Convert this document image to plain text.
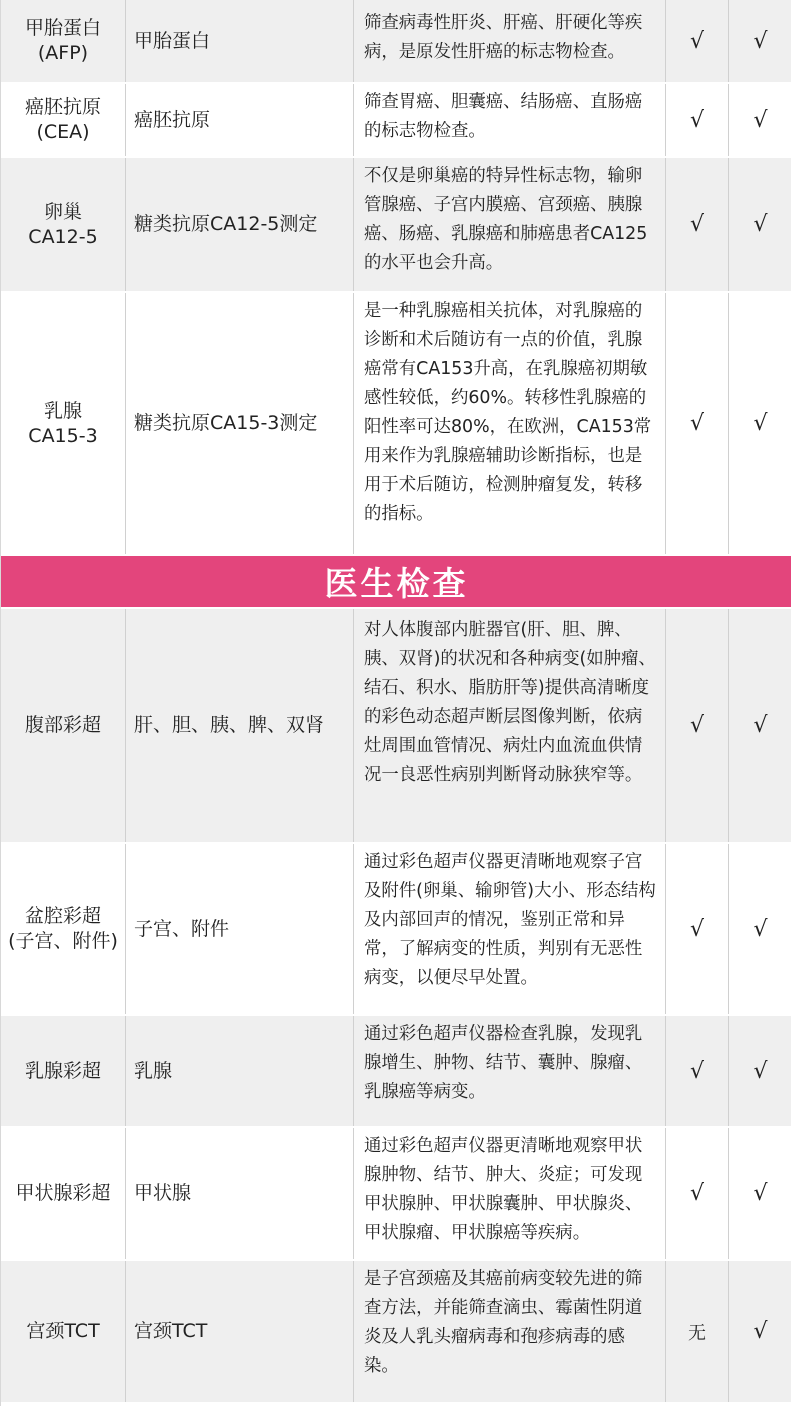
甲胎蛋白
(AFP)
甲胎蛋白
筛查病毒性肝炎、肝癌、肝硬化等疾病，是原发性肝癌的标志物检查。	√ √
癌胚抗原
(CEA)
癌胚抗原
筛查胃癌、胆囊癌、结肠癌、直肠癌的标志物检查。	√ √
卵巢
CA12-5
糖类抗原CA12-5测定
不仅是卵巢癌的特异性标志物，输卵管腺癌、子宫内膜癌、宫颈癌、胰腺癌、肠癌、乳腺癌和肺癌患者CA125的水平也会升高。
√ √
乳腺
CA15-3
糖类抗原CA15-3测定
是一种乳腺癌相关抗体，对乳腺癌的诊断和术后随访有一点的价值，乳腺癌常有CA153升高，在乳腺癌初期敏感性较低，约60%。转移性乳腺癌的阳性率可达80%，在欧洲，CA153常用来作为乳腺癌辅助诊断指标，也是用于术后随访，检测肿瘤复发，转移的指标。
√ √
医生检查
腹部彩超 肝、胆、胰、脾、双肾
对人体腹部内脏器官(肝、胆、脾、胰、双肾)的状况和各种病变(如肿瘤、结石、积水、脂肪肝等)提供高清晰度的彩色动态超声断层图像判断，依病灶周围血管情况、病灶内血流血供情况一良恶性病别判断肾动脉狭窄等。
√ √
盆腔彩超
(子宫、附件)
子宫、附件
通过彩色超声仪器更清晰地观察子宫及附件(卵巢、输卵管)大小、形态结构及内部回声的情况，鉴别正常和异常，了解病变的性质，判别有无恶性病变，以便尽早处置。
√ √
乳腺彩超 乳腺
通过彩色超声仪器检查乳腺，发现乳腺增生、肿物、结节、囊肿、腺瘤、乳腺癌等病变。
√ √
甲状腺彩超 甲状腺
通过彩色超声仪器更清晰地观察甲状腺肿物、结节、肿大、炎症；可发现甲状腺肿、甲状腺囊肿、甲状腺炎、甲状腺瘤、甲状腺癌等疾病。
√ √
宫颈TCT 宫颈TCT
是子宫颈癌及其癌前病变较先进的筛查方法，并能筛查滴虫、霉菌性阴道炎及人乳头瘤病毒和孢疹病毒的感染。
无 √
